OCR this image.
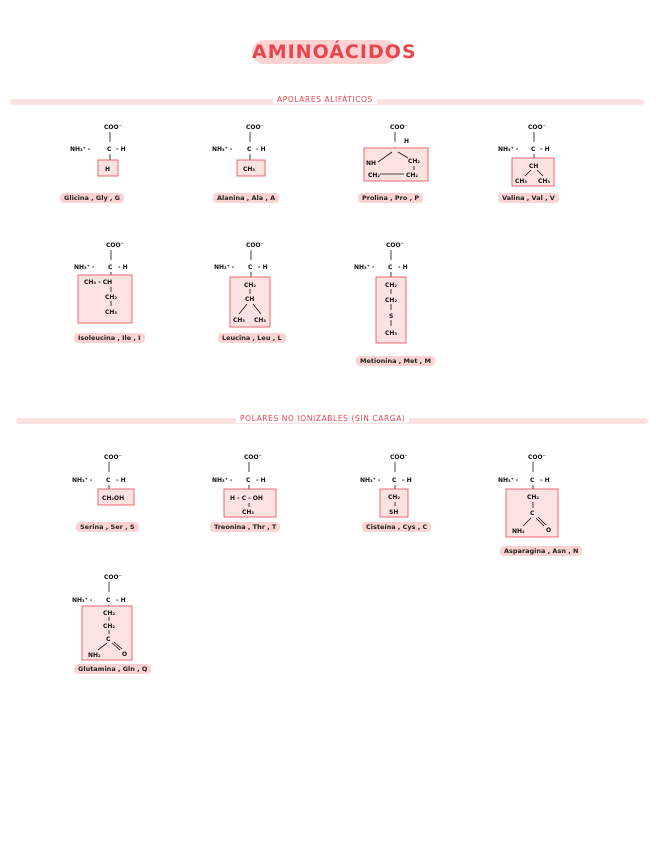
AMINOÁCIDOS
APOLARES ALIFÁTICOS
POLARES NO IONIZABLES (SIN CARGA)
COO⁻
NH₃⁺ -	C - H
H
Glicina , Gly , G
COO⁻
NH₃⁺ - C - H
CH₃
Alanina , Ala , A
COO⁻
H
NH	CH₂
CH₂	CH₂
Prolina , Pro , P
COO⁻
NH₃⁺ - C - H
CH
CH₃ CH₃
Valina , Val , V
COO⁻
NH₃⁺ - C - H
CH₃ - CH
CH₂
CH₃
Isoleucina , Ile , I
COO⁻
NH₃⁺ - C - H
CH₂
CH
CH₃ CH₃
Leucina , Leu , L
COO⁻
NH₃⁺ - C - H
CH₂
CH₂
S
CH₃
Metionina , Met , M
COO⁻
NH₃⁺ - C - H
CH₂OH
Serina , Ser , S
COO⁻
NH₃⁺ - C - H
H - C - OH
CH₃
Treonina , Thr , T
COO⁻
NH₃⁺ - C - H
CH₂
SH
Cisteína , Cys , C
COO⁻
NH₃⁺ - C - H
CH₂
C
NH₂	O
Asparagina , Asn , N
COO⁻
NH₃⁺ - C - H
CH₂
CH₂
C
NH₂	O
Glutamina , Gln , Q
